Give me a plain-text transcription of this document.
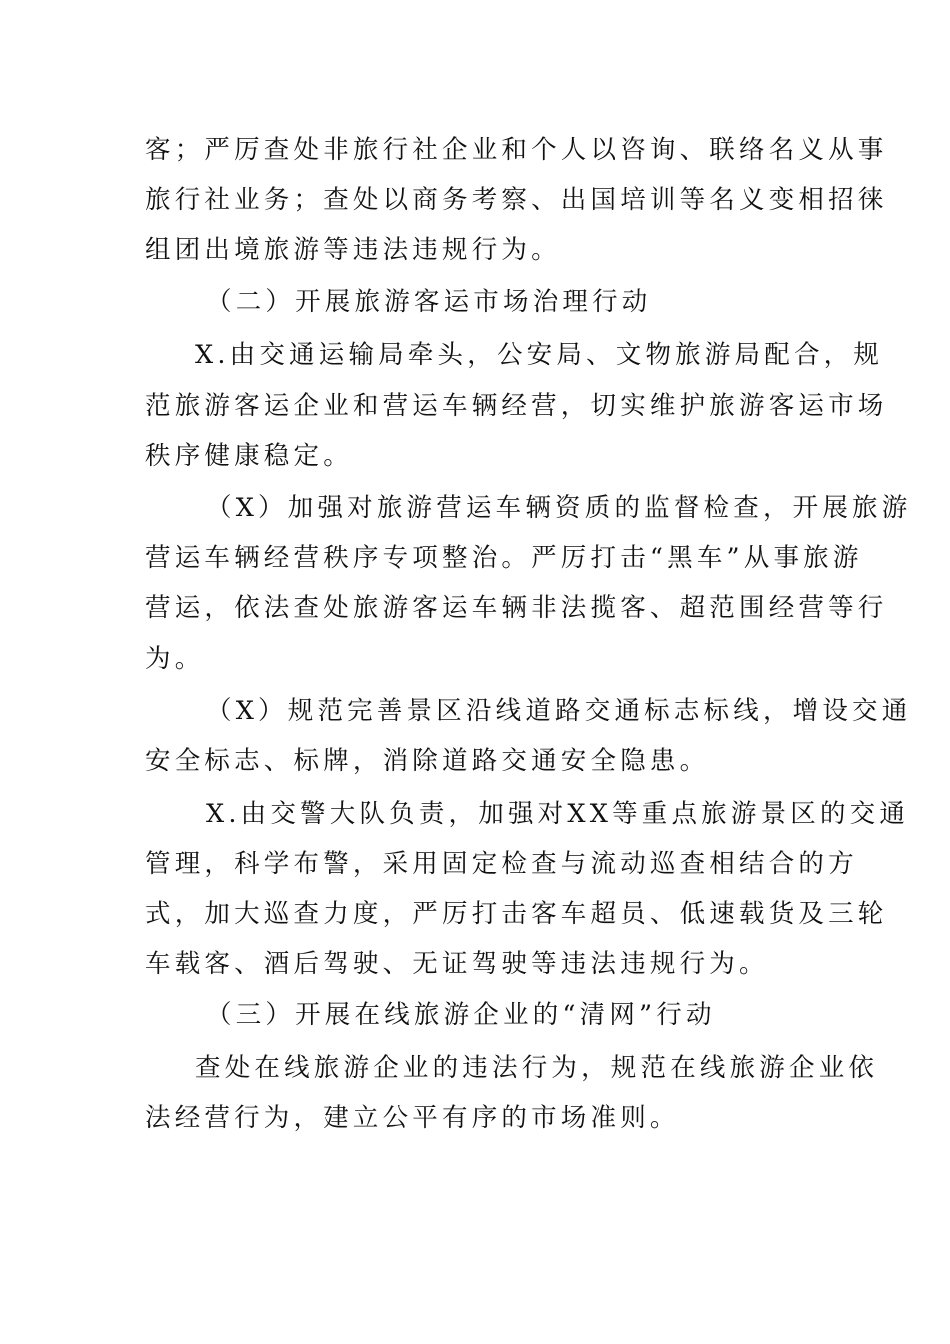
客；严厉查处非旅行社企业和个人以咨询、联络名义从事
旅行社业务；查处以商务考察、出国培训等名义变相招徕
组团出境旅游等违法违规行为。
（二）开展旅游客运市场治理行动
X.由交通运输局牵头，公安局、文物旅游局配合，规
范旅游客运企业和营运车辆经营，切实维护旅游客运市场
秩序健康稳定。
（X）加强对旅游营运车辆资质的监督检查，开展旅游
营运车辆经营秩序专项整治。严厉打击“黑车”从事旅游
营运，依法查处旅游客运车辆非法揽客、超范围经营等行
为。
（X）规范完善景区沿线道路交通标志标线，增设交通
安全标志、标牌，消除道路交通安全隐患。
X.由交警大队负责，加强对XX等重点旅游景区的交通
管理，科学布警，采用固定检查与流动巡查相结合的方
式，加大巡查力度，严厉打击客车超员、低速载货及三轮
车载客、酒后驾驶、无证驾驶等违法违规行为。
（三）开展在线旅游企业的“清网”行动
查处在线旅游企业的违法行为，规范在线旅游企业依
法经营行为，建立公平有序的市场准则。
